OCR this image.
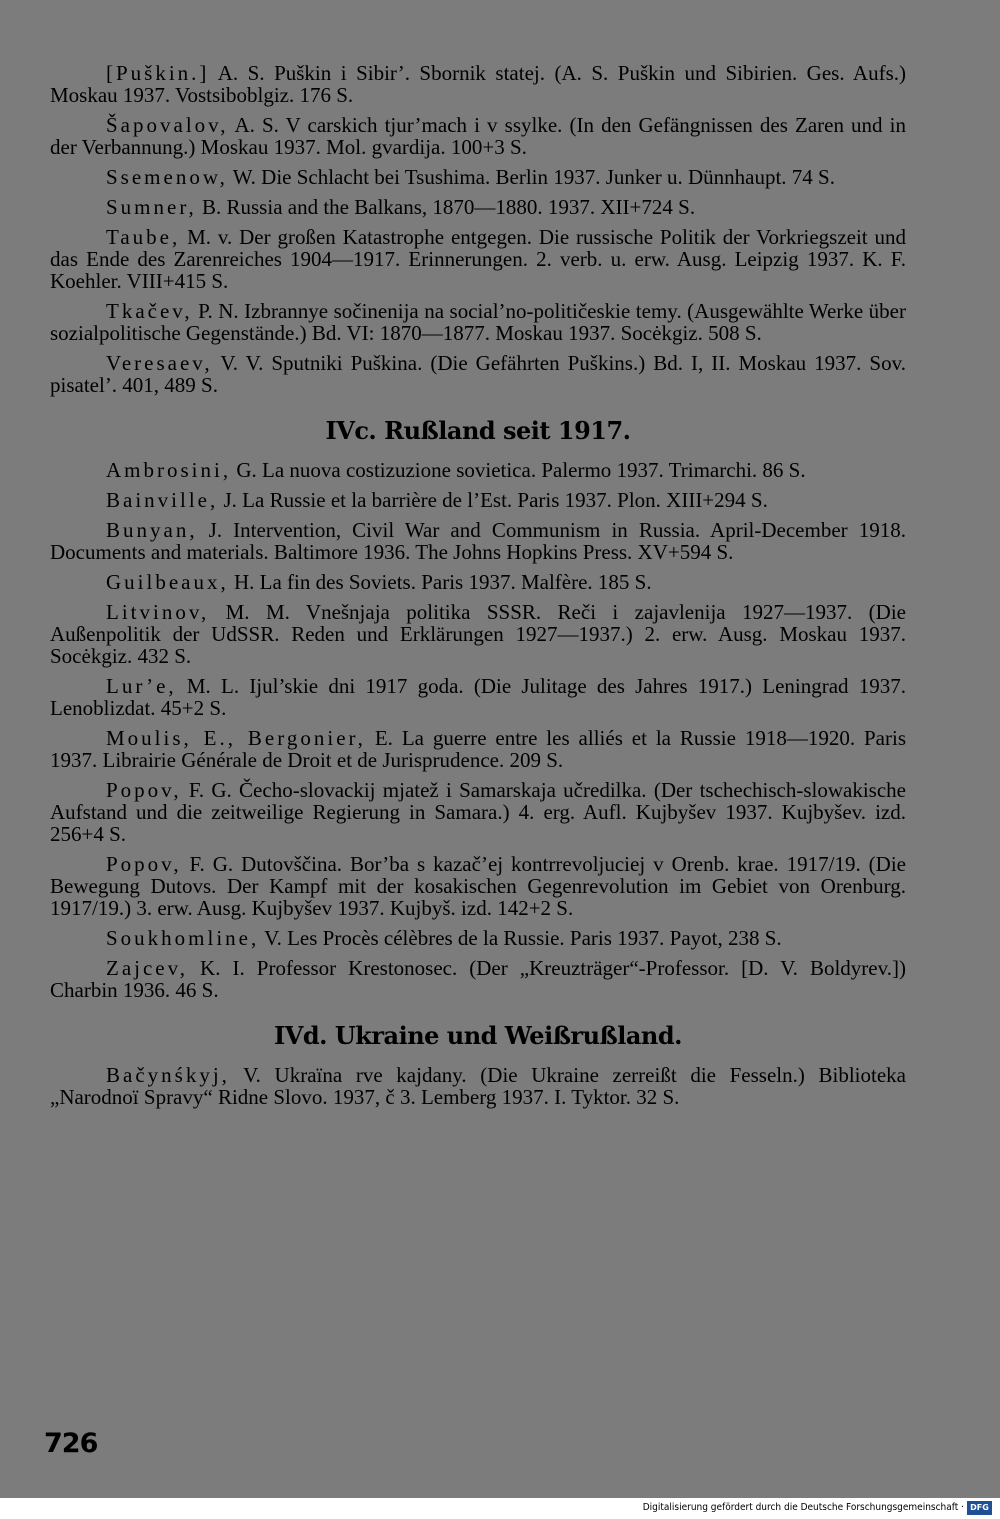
[Puškin.] A. S. Puškin i Sibir’. Sbornik statej. (A. S. Puškin und Sibirien. Ges. Aufs.) Moskau 1937. Vostsiboblgiz. 176 S.

Šapovalov, A. S. V carskich tjur’mach i v ssylke. (In den Gefängnissen des Zaren und in der Verbannung.) Moskau 1937. Mol. gvardija. 100+3 S.

Ssemenow, W. Die Schlacht bei Tsushima. Berlin 1937. Junker u. Dünnhaupt. 74 S.

Sumner, B. Russia and the Balkans, 1870—1880. 1937. XII+724 S.

Taube, M. v. Der großen Katastrophe entgegen. Die russische Politik der Vorkriegszeit und das Ende des Zarenreiches 1904—1917. Erinnerungen. 2. verb. u. erw. Ausg. Leipzig 1937. K. F. Koehler. VIII+415 S.

Tkačev, P. N. Izbrannye sočinenija na social’no-političeskie temy. (Ausgewählte Werke über sozialpolitische Gegenstände.) Bd. VI: 1870—1877. Moskau 1937. Socėkgiz. 508 S.

Veresaev, V. V. Sputniki Puškina. (Die Gefährten Puškins.) Bd. I, II. Moskau 1937. Sov. pisatel’. 401, 489 S.

IVc. Rußland seit 1917.

Ambrosini, G. La nuova costizuzione sovietica. Palermo 1937. Trimarchi. 86 S.

Bainville, J. La Russie et la barrière de l’Est. Paris 1937. Plon. XIII+294 S.

Bunyan, J. Intervention, Civil War and Communism in Russia. April-December 1918. Documents and materials. Baltimore 1936. The Johns Hopkins Press. XV+594 S.

Guilbeaux, H. La fin des Soviets. Paris 1937. Malfère. 185 S.

Litvinov, M. M. Vnešnjaja politika SSSR. Reči i zajavlenija 1927—1937. (Die Außenpolitik der UdSSR. Reden und Erklärungen 1927—1937.) 2. erw. Ausg. Moskau 1937. Socėkgiz. 432 S.

Lur’e, M. L. Ijul’skie dni 1917 goda. (Die Julitage des Jahres 1917.) Leningrad 1937. Lenoblizdat. 45+2 S.

Moulis, E., Bergonier, E. La guerre entre les alliés et la Russie 1918—1920. Paris 1937. Librairie Générale de Droit et de Jurisprudence. 209 S.

Popov, F. G. Čecho-slovackij mjatež i Samarskaja učredilka. (Der tschechisch-slowakische Aufstand und die zeitweilige Regierung in Samara.) 4. erg. Aufl. Kujbyšev 1937. Kujbyšev. izd. 256+4 S.

Popov, F. G. Dutovščina. Bor’ba s kazač’ej kontrrevoljuciej v Orenb. krae. 1917/19. (Die Bewegung Dutovs. Der Kampf mit der kosakischen Gegenrevolution im Gebiet von Orenburg. 1917/19.) 3. erw. Ausg. Kujbyšev 1937. Kujbyš. izd. 142+2 S.

Soukhomline, V. Les Procès célèbres de la Russie. Paris 1937. Payot, 238 S.

Zajcev, K. I. Professor Krestonosec. (Der „Kreuzträger“-Professor. [D. V. Boldyrev.]) Charbin 1936. 46 S.

IVd. Ukraine und Weißrußland.

Bačynśkyj, V. Ukraïna rve kajdany. (Die Ukraine zerreißt die Fesseln.) Biblioteka „Narodnoï Spravy“ Ridne Slovo. 1937, č 3. Lemberg 1937. I. Tyktor. 32 S.

726
Digitalisierung gefördert durch die Deutsche Forschungsgemeinschaft · DFG
